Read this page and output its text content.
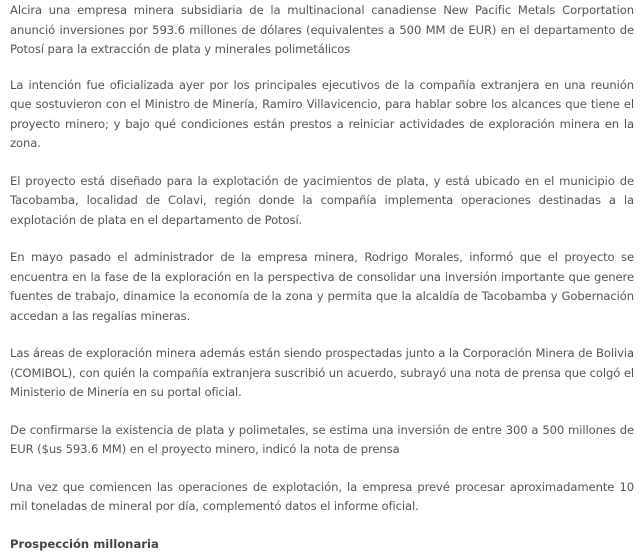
Alcira una empresa minera subsidiaria de la multinacional canadiense New Pacific Metals Corportation anunció inversiones por 593.6 millones de dólares (equivalentes a 500 MM de EUR) en el departamento de Potosí para la extracción de plata y minerales polimetálicos

La intención fue oficializada ayer por los principales ejecutivos de la compañía extranjera en una reunión que sostuvieron con el Ministro de Minería, Ramiro Villavicencio, para hablar sobre los alcances que tiene el proyecto minero; y bajo qué condiciones están prestos a reiniciar actividades de exploración minera en la zona.

El proyecto está diseñado para la explotación de yacimientos de plata, y está ubicado en el municipio de Tacobamba, localidad de Colavi, región donde la compañía implementa operaciones destinadas a la explotación de plata en el departamento de Potosí.

En mayo pasado el administrador de la empresa minera, Rodrigo Morales, informó que el proyecto se encuentra en la fase de la exploración en la perspectiva de consolidar una inversión importante que genere fuentes de trabajo, dinamice la economía de la zona y permita que la alcaldía de Tacobamba y Gobernación accedan a las regalías mineras.

Las áreas de exploración minera además están siendo prospectadas junto a la Corporación Minera de Bolivia (COMIBOL), con quién la compañía extranjera suscribió un acuerdo, subrayó una nota de prensa que colgó el Ministerio de Minería en su portal oficial.

De confirmarse la existencia de plata y polimetales, se estima una inversión de entre 300 a 500 millones de EUR ($us 593.6 MM) en el proyecto minero, indicó la nota de prensa

Una vez que comiencen las operaciones de explotación, la empresa prevé procesar aproximadamente 10 mil toneladas de mineral por día, complementó datos el informe oficial.

Prospección millonaria
